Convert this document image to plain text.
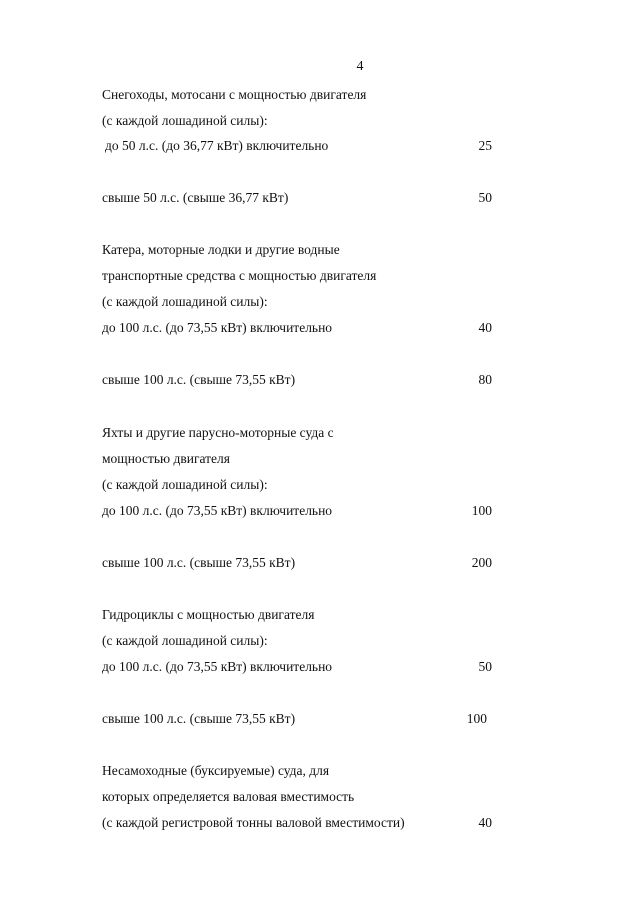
4
Снегоходы, мотосани с мощностью двигателя
(с каждой лошадиной силы):
до 50 л.с. (до 36,77 кВт) включительно	25
свыше 50 л.с. (свыше 36,77 кВт)	50
Катера, моторные лодки и другие водные
транспортные средства с мощностью двигателя
(с каждой лошадиной силы):
до 100 л.с. (до 73,55 кВт) включительно	40
свыше 100 л.с. (свыше 73,55 кВт)	80
Яхты и другие парусно-моторные суда с
мощностью двигателя
(с каждой лошадиной силы):
до 100 л.с. (до 73,55 кВт) включительно	100
свыше 100 л.с. (свыше 73,55 кВт)	200
Гидроциклы с мощностью двигателя
(с каждой лошадиной силы):
до 100 л.с. (до 73,55 кВт) включительно	50
свыше 100 л.с. (свыше 73,55 кВт)	100
Несамоходные (буксируемые) суда, для
которых определяется валовая вместимость
(с каждой регистровой тонны валовой вместимости)	40
